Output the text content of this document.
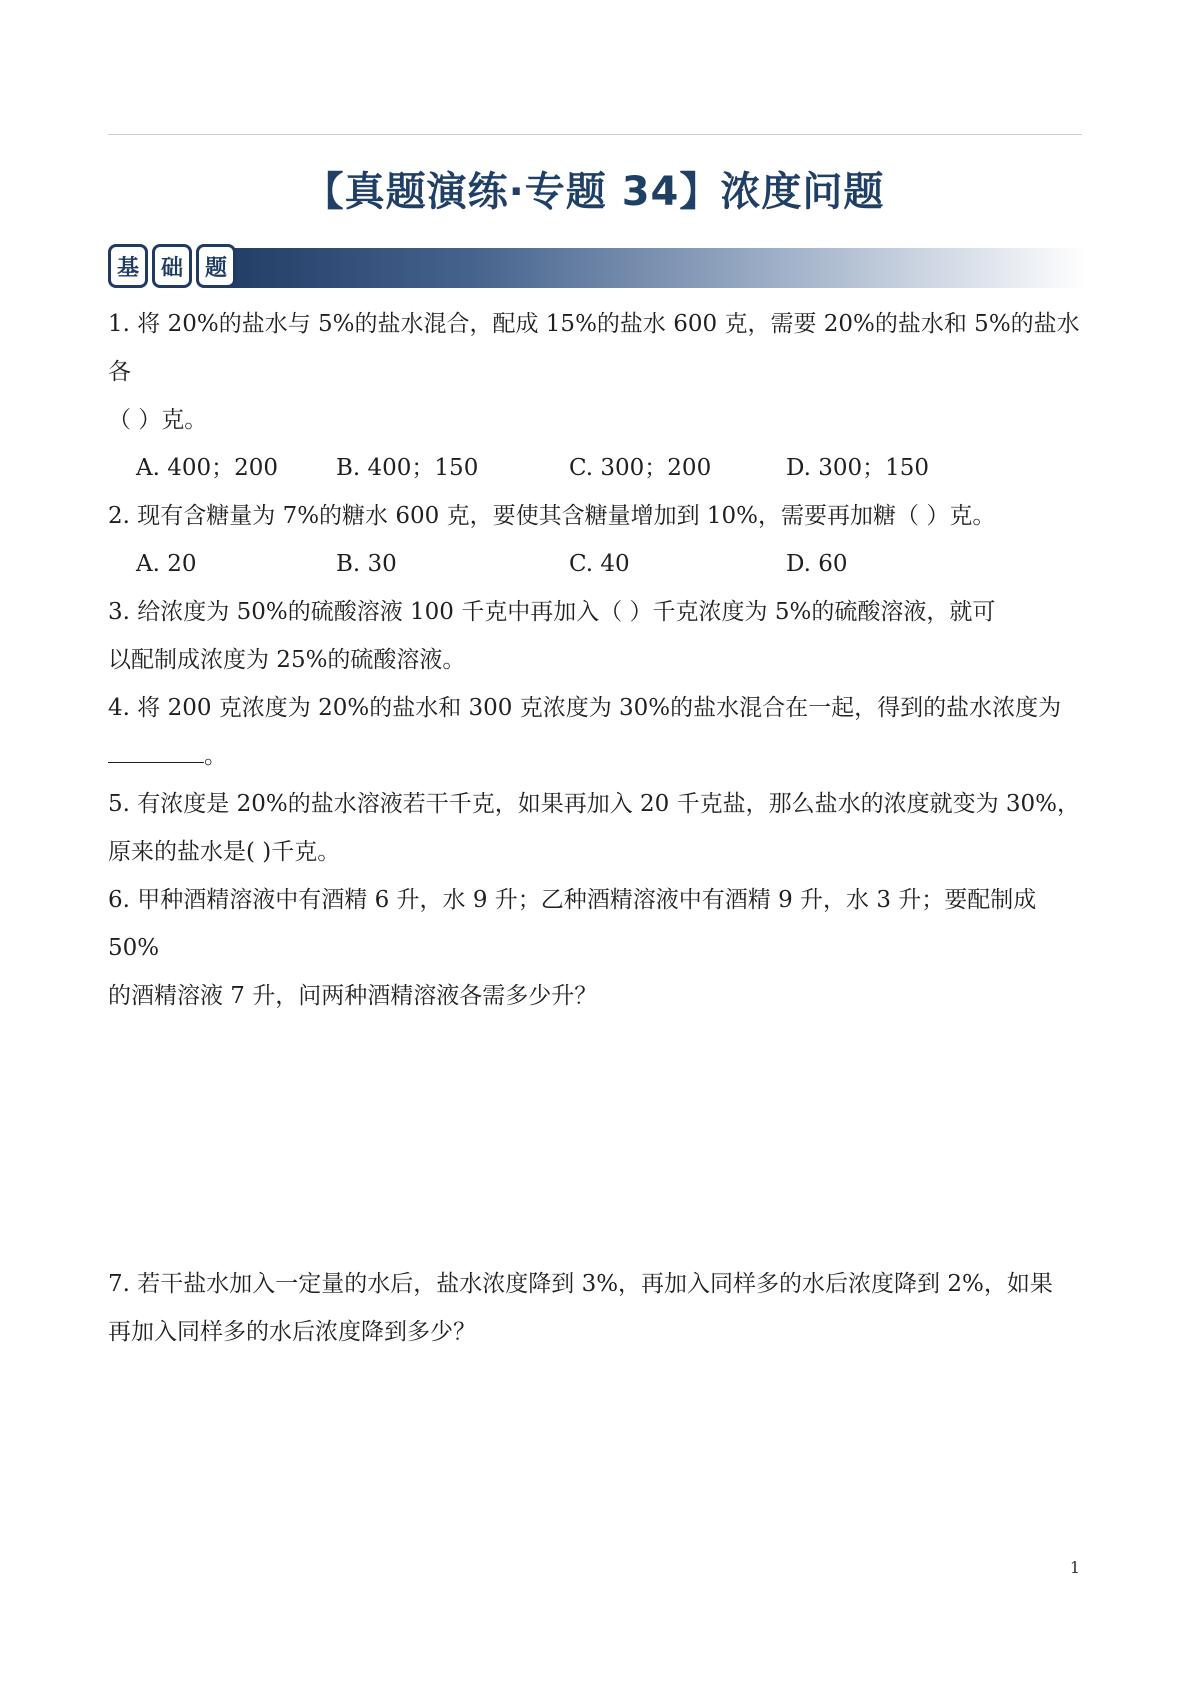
【真题演练·专题 34】浓度问题
基 础 题

1. 将 20%的盐水与 5%的盐水混合，配成 15%的盐水 600 克，需要 20%的盐水和 5%的盐水各

（ ）克。

A. 400；200	B. 400；150	C. 300；200	D. 300；150

2. 现有含糖量为 7%的糖水 600 克，要使其含糖量增加到 10%，需要再加糖（ ）克。

A. 20	B. 30	C. 40	D. 60

3. 给浓度为 50%的硫酸溶液 100 千克中再加入（ ）千克浓度为 5%的硫酸溶液，就可

以配制成浓度为 25%的硫酸溶液。

4. 将 200 克浓度为 20%的盐水和 300 克浓度为 30%的盐水混合在一起，得到的盐水浓度为

。

5. 有浓度是 20%的盐水溶液若干千克，如果再加入 20 千克盐，那么盐水的浓度就变为 30%，

原来的盐水是( )千克。

6. 甲种酒精溶液中有酒精 6 升，水 9 升；乙种酒精溶液中有酒精 9 升，水 3 升；要配制成 50%

的酒精溶液 7 升，问两种酒精溶液各需多少升？

7. 若干盐水加入一定量的水后，盐水浓度降到 3%，再加入同样多的水后浓度降到 2%，如果

再加入同样多的水后浓度降到多少？

1
